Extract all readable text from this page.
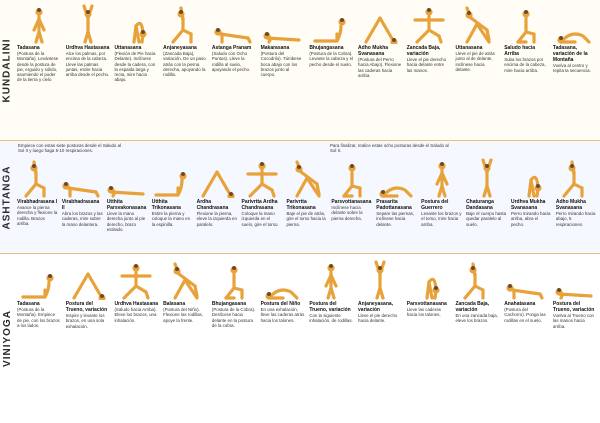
KUNDALINI
ASHTANGA
VINIYOGA
Tadasana
(Postura de la Montaña). Levántese desde la postura de pie, erguido y sólido, asumiendo el poder de la tierra y cielo
Urdhva Hastasana
Alce los palmas, por encima de la cabeza. Lleve las palmas juntas, estire hacia arriba desde el pecho.
Uttanasana
(Flexión de Pie hacia Delante). Inclínese desde la cadera, con la espalda larga y recta, mire hacia abajo.
Anjaneyasana
(Zancada Baja), variación. De un paso atrás con la pierna derecha, apoyando la rodilla.
Astanga Pranam
(Saludo con Ocho Puntos). Lleve la rodilla al suelo, apoyando el pecho.
Makarasana
(Postura del Cocodrilo). Túmbese boca abajo con los brazos junto al cuerpo.
Bhujangasana
(Postura de la Cobra). Levante la cabeza y el pecho desde el suelo.
Adho Mukha Svanasana
(Postura del Perro hacia Abajo). Flexione las caderas hacia arriba.
Zancada Baja, variación
Lleve el pie derecho hacia delante entre las manos.
Uttanasana
Lleve el pie de atrás junto al de delante, inclínese hacia delante.
Saludo hacia Arriba
Suba los brazos por encima de la cabeza, mire hacia arriba.
Tadasana, variación de la Montaña
Vuelva al centro y repita la secuencia.
Empiece con estas siete posturas desde el Saludo al Sol II y luego haga 5-10 respiraciones.
Para finalizar, realice estas ocho posturas desde el Saludo al Sol II.
Virabhadrasana I
Avance la pierna derecha y flexione la rodilla. Brazos arriba.
Virabhadrasana II
Abra los brazos y las caderas, mire sobre la mano delantera.
Utthita Parsvakonasana
Lleve la mano derecha junto al pie derecho, brazo estirado.
Utthita Trikonasana
Estire la pierna y coloque la mano en la espinilla.
Ardha Chandrasana
Flexione la pierna, eleve la izquierda en paralelo.
Parivrtta Ardha Chandrasana
Coloque la mano izquierda en el suelo, gire el torso.
Parivrtta Trikonasana
Baje el pie de atrás, gire el torso hacia la pierna.
Parsvottanasana
Inclínese hacia delante sobre la pierna derecha.
Prasarita Padottanasana
Separe las piernas, inclínese hacia delante.
Postura del Guerrero
Levante los brazos y el torso, mire hacia arriba.
Chaturanga Dandasana
Baje el cuerpo hasta quedar paralelo al suelo.
Urdhva Mukha Svanasana
Perro mirando hacia arriba, abra el pecho.
Adho Mukha Svanasana
Perro mirando hacia abajo, 5 respiraciones.
Tadasana
(Postura de la Montaña). Empiece de pie, con los brazos a los lados.
Postura del Trueno, variación
Inspire y levante los brazos, en una sola exhalación.
Urdhva Hastasana
(Saludo hacia Arriba). Eleve los brazos, una inhalación.
Balasana
(Postura del Niño). Flexione las rodillas, apoye la frente.
Bhujangasana
(Postura de la Cobra). Deslícese hacia delante en la postura de la cobra.
Postura del Niño
En una exhalación, lleve las caderas atrás hacia los talones.
Postura del Trueno, variación
Con la siguiente inhalación, de rodillas.
Anjaneyasana, variación
Lleve el pie derecho hacia delante.
Parsvottanasana
Lleve las caderas hacia los talones.
Zancada Baja, variación
En una zancada baja, eleve los brazos.
Anahatasana
(Postura del Cachorro). Ponga las rodillas en el suelo.
Postura del Trueno, variación
Vuelva al Trueno con las manos hacia arriba.
